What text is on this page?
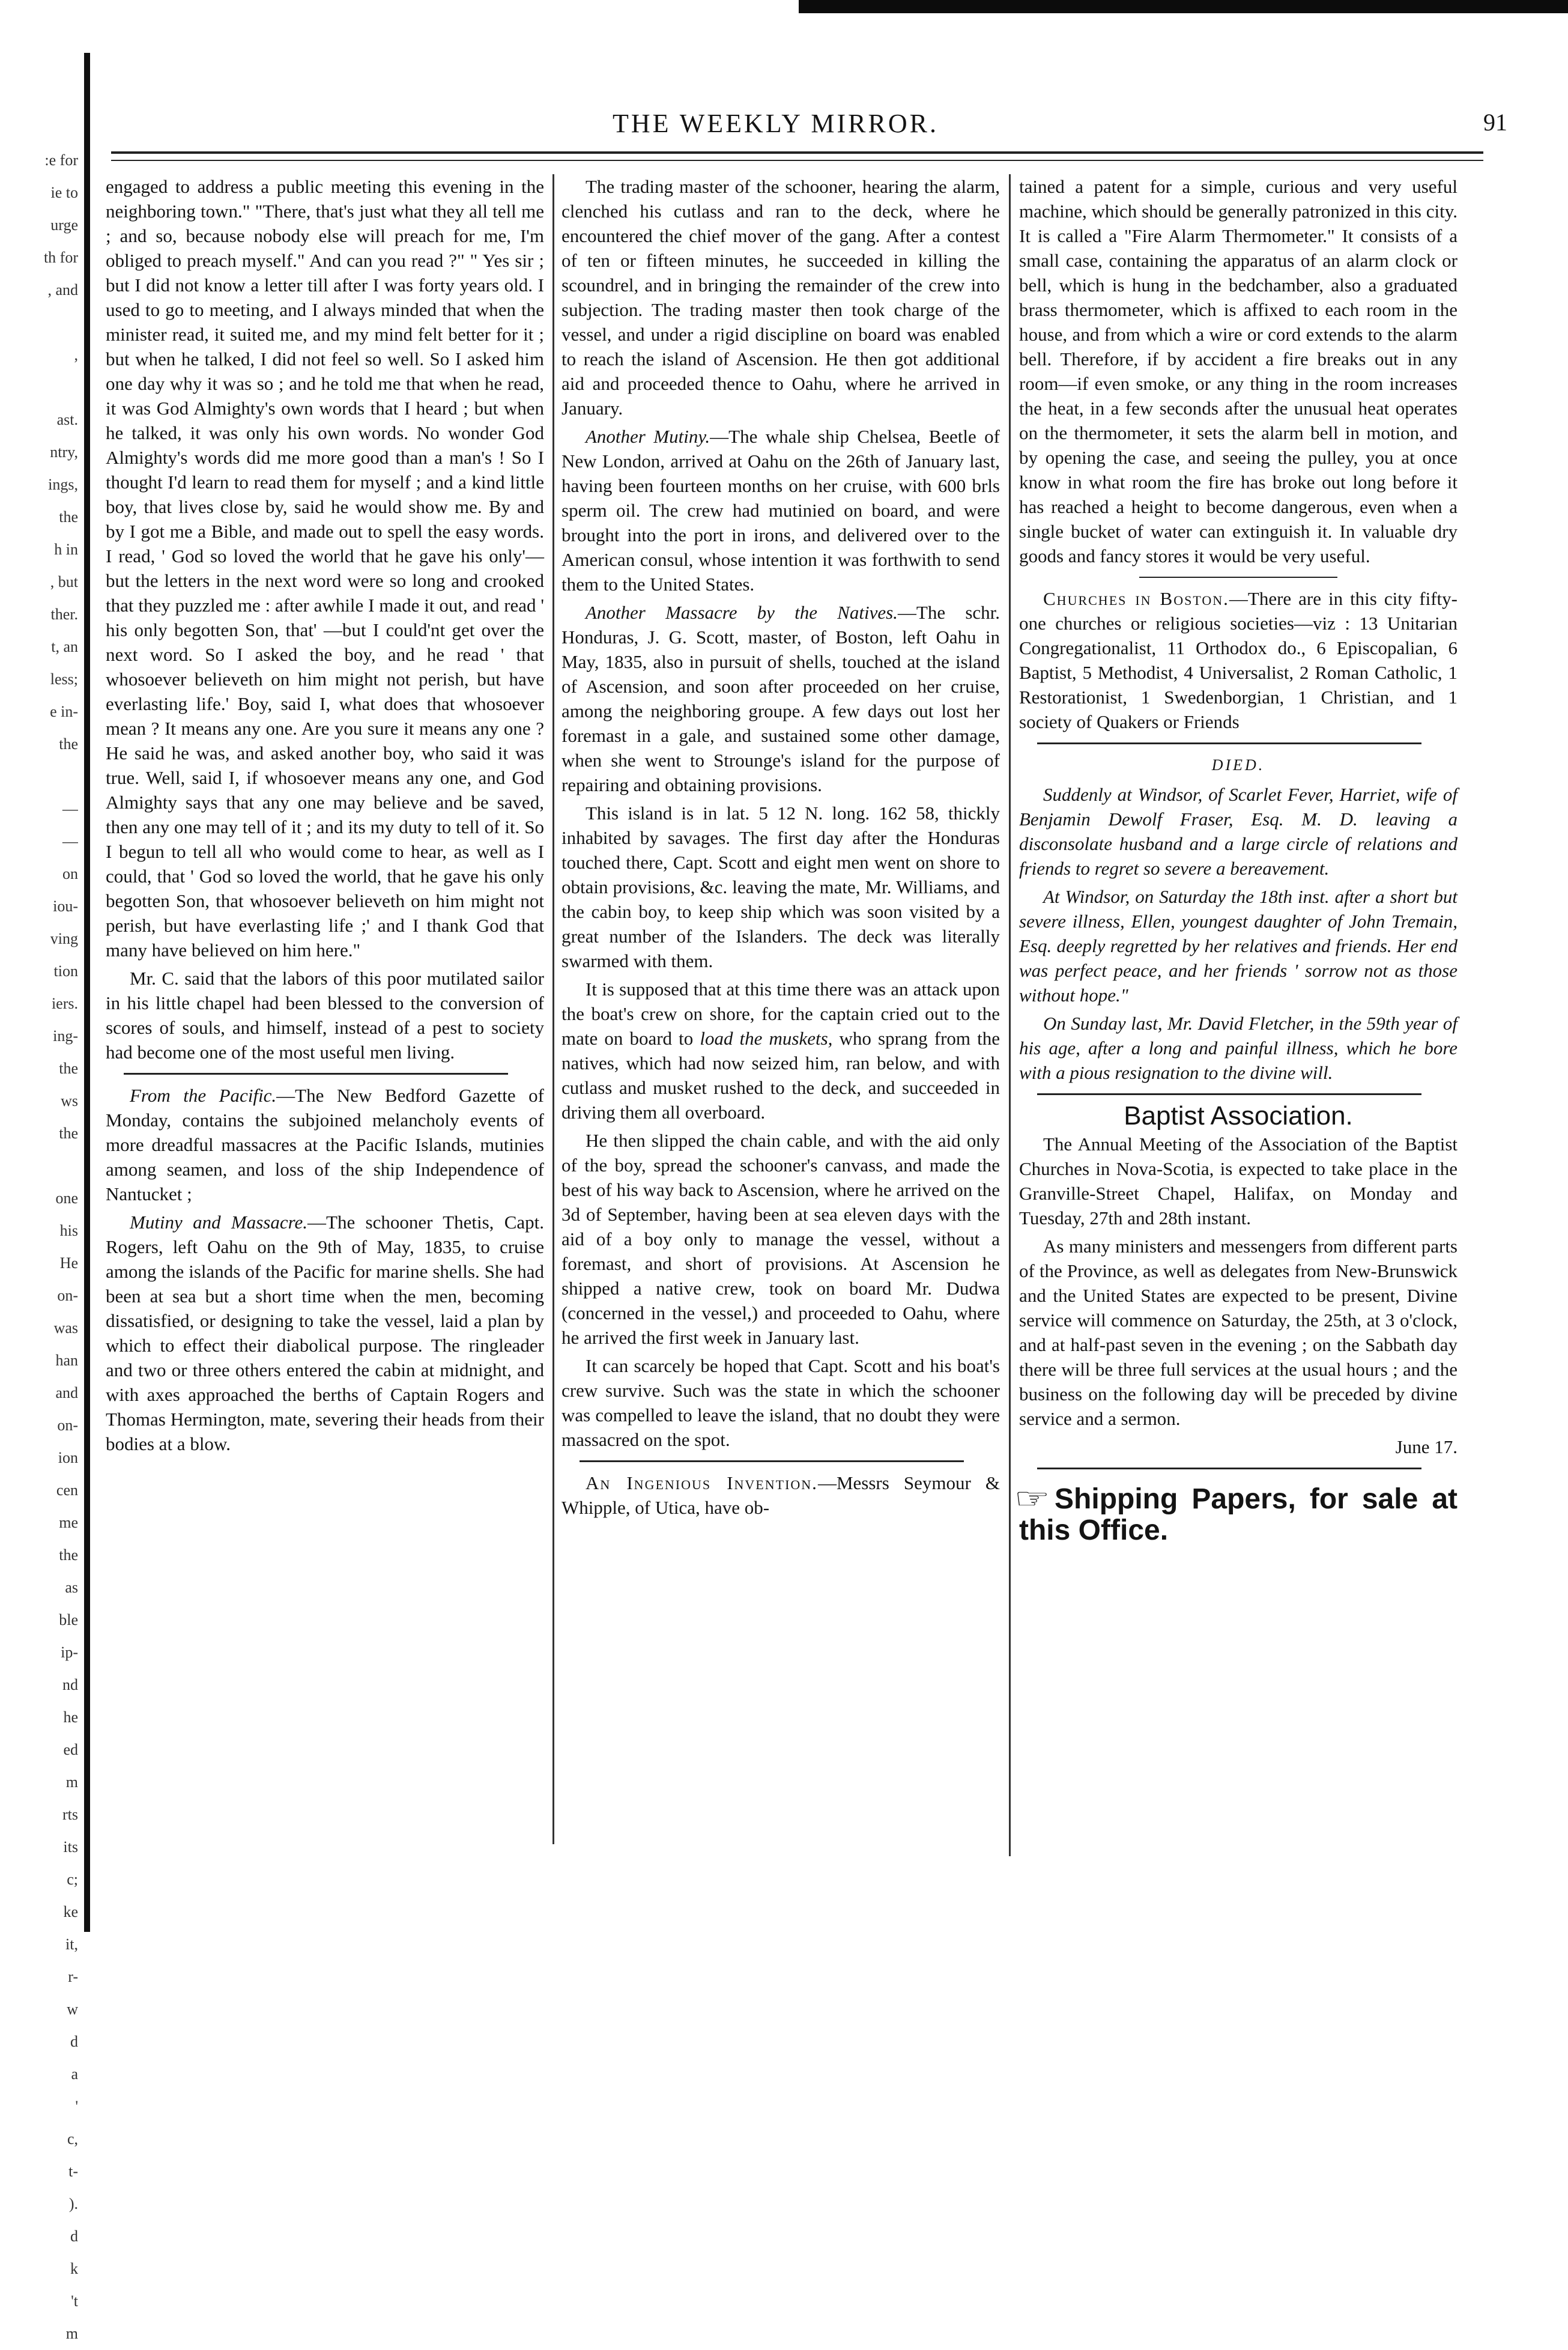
:e for
ie to
urge
th for
, and
,
ast.
ntry,
ings,
the
h in
, but
ther.
t, an
less;
e in-
the
—
—
on
iou-
ving
tion
iers.
ing-
the
ws
the
one
his
He
on-
was
han
and
on-
ion
cen
me
the
as
ble
ip-
nd
he
ed
m
rts
its
c;
ke
it,
r-
w
d
a
'
c,
t-
).
d
k
't
m
THE WEEKLY MIRROR.	91

engaged to address a public meeting this evening in the neighboring town." "There, that's just what they all tell me ; and so, because nobody else will preach for me, I'm obliged to preach myself." And can you read ?" " Yes sir ; but I did not know a letter till after I was forty years old. I used to go to meeting, and I always minded that when the minister read, it suited me, and my mind felt better for it ; but when he talked, I did not feel so well. So I asked him one day why it was so ; and he told me that when he read, it was God Almighty's own words that I heard ; but when he talked, it was only his own words. No wonder God Almighty's words did me more good than a man's ! So I thought I'd learn to read them for myself ; and a kind little boy, that lives close by, said he would show me. By and by I got me a Bible, and made out to spell the easy words. I read, ' God so loved the world that he gave his only'—but the letters in the next word were so long and crooked that they puzzled me : after awhile I made it out, and read ' his only begotten Son, that' —but I could'nt get over the next word. So I asked the boy, and he read ' that whosoever believeth on him might not perish, but have everlasting life.' Boy, said I, what does that whosoever mean ? It means any one. Are you sure it means any one ? He said he was, and asked another boy, who said it was true. Well, said I, if whosoever means any one, and God Almighty says that any one may believe and be saved, then any one may tell of it ; and its my duty to tell of it. So I begun to tell all who would come to hear, as well as I could, that ' God so loved the world, that he gave his only begotten Son, that whosoever believeth on him might not perish, but have everlasting life ;' and I thank God that many have believed on him here."

Mr. C. said that the labors of this poor mutilated sailor in his little chapel had been blessed to the conversion of scores of souls, and himself, instead of a pest to society had become one of the most useful men living.

From the Pacific.—The New Bedford Gazette of Monday, contains the subjoined melancholy events of more dreadful massacres at the Pacific Islands, mutinies among seamen, and loss of the ship Independence of Nantucket ;

Mutiny and Massacre.—The schooner Thetis, Capt. Rogers, left Oahu on the 9th of May, 1835, to cruise among the islands of the Pacific for marine shells. She had been at sea but a short time when the men, becoming dissatisfied, or designing to take the vessel, laid a plan by which to effect their diabolical purpose. The ringleader and two or three others entered the cabin at midnight, and with axes approached the berths of Captain Rogers and Thomas Hermington, mate, severing their heads from their bodies at a blow.

The trading master of the schooner, hearing the alarm, clenched his cutlass and ran to the deck, where he encountered the chief mover of the gang. After a contest of ten or fifteen minutes, he succeeded in killing the scoundrel, and in bringing the remainder of the crew into subjection. The trading master then took charge of the vessel, and under a rigid discipline on board was enabled to reach the island of Ascension. He then got additional aid and proceeded thence to Oahu, where he arrived in January.

Another Mutiny.—The whale ship Chelsea, Beetle of New London, arrived at Oahu on the 26th of January last, having been fourteen months on her cruise, with 600 brls sperm oil. The crew had mutinied on board, and were brought into the port in irons, and delivered over to the American consul, whose intention it was forthwith to send them to the United States.

Another Massacre by the Natives.—The schr. Honduras, J. G. Scott, master, of Boston, left Oahu in May, 1835, also in pursuit of shells, touched at the island of Ascension, and soon after proceeded on her cruise, among the neighboring groupe. A few days out lost her foremast in a gale, and sustained some other damage, when she went to Strounge's island for the purpose of repairing and obtaining provisions.

This island is in lat. 5 12 N. long. 162 58, thickly inhabited by savages. The first day after the Honduras touched there, Capt. Scott and eight men went on shore to obtain provisions, &c. leaving the mate, Mr. Williams, and the cabin boy, to keep ship which was soon visited by a great number of the Islanders. The deck was literally swarmed with them.

It is supposed that at this time there was an attack upon the boat's crew on shore, for the captain cried out to the mate on board to load the muskets, who sprang from the natives, which had now seized him, ran below, and with cutlass and musket rushed to the deck, and succeeded in driving them all overboard.

He then slipped the chain cable, and with the aid only of the boy, spread the schooner's canvass, and made the best of his way back to Ascension, where he arrived on the 3d of September, having been at sea eleven days with the aid of a boy only to manage the vessel, without a foremast, and short of provisions. At Ascension he shipped a native crew, took on board Mr. Dudwa (concerned in the vessel,) and proceeded to Oahu, where he arrived the first week in January last.

It can scarcely be hoped that Capt. Scott and his boat's crew survive. Such was the state in which the schooner was compelled to leave the island, that no doubt they were massacred on the spot.

An Ingenious Invention.—Messrs Seymour & Whipple, of Utica, have ob-

tained a patent for a simple, curious and very useful machine, which should be generally patronized in this city. It is called a "Fire Alarm Thermometer." It consists of a small case, containing the apparatus of an alarm clock or bell, which is hung in the bedchamber, also a graduated brass thermometer, which is affixed to each room in the house, and from which a wire or cord extends to the alarm bell. Therefore, if by accident a fire breaks out in any room—if even smoke, or any thing in the room increases the heat, in a few seconds after the unusual heat operates on the thermometer, it sets the alarm bell in motion, and by opening the case, and seeing the pulley, you at once know in what room the fire has broke out long before it has reached a height to become dangerous, even when a single bucket of water can extinguish it. In valuable dry goods and fancy stores it would be very useful.

Churches in Boston.—There are in this city fifty-one churches or religious societies—viz : 13 Unitarian Congregationalist, 11 Orthodox do., 6 Episcopalian, 6 Baptist, 5 Methodist, 4 Universalist, 2 Roman Catholic, 1 Restorationist, 1 Swedenborgian, 1 Christian, and 1 society of Quakers or Friends

DIED.

Suddenly at Windsor, of Scarlet Fever, Harriet, wife of Benjamin Dewolf Fraser, Esq. M. D. leaving a disconsolate husband and a large circle of relations and friends to regret so severe a bereavement.

At Windsor, on Saturday the 18th inst. after a short but severe illness, Ellen, youngest daughter of John Tremain, Esq. deeply regretted by her relatives and friends. Her end was perfect peace, and her friends ' sorrow not as those without hope."

On Sunday last, Mr. David Fletcher, in the 59th year of his age, after a long and painful illness, which he bore with a pious resignation to the divine will.

Baptist Association.

The Annual Meeting of the Association of the Baptist Churches in Nova-Scotia, is expected to take place in the Granville-Street Chapel, Halifax, on Monday and Tuesday, 27th and 28th instant.

As many ministers and messengers from different parts of the Province, as well as delegates from New-Brunswick and the United States are expected to be present, Divine service will commence on Saturday, the 25th, at 3 o'clock, and at half-past seven in the evening ; on the Sabbath day there will be three full services at the usual hours ; and the business on the following day will be preceded by divine service and a sermon.

June 17.
☞ Shipping Papers, for sale at this Office.
